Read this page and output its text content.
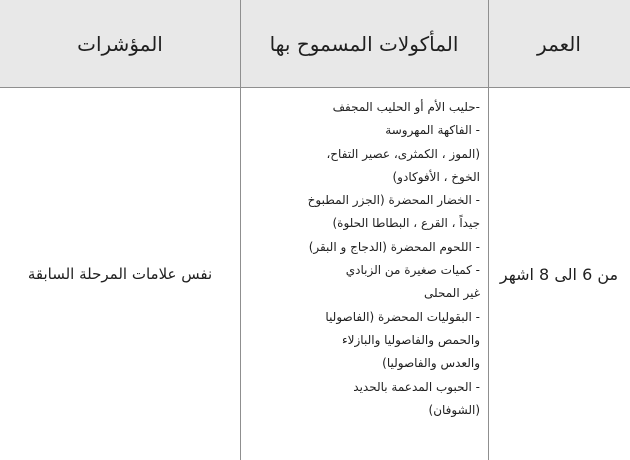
المؤشرات	المأكولات المسموح بها	العمر
نفس علامات المرحلة السابقة
-حليب الأم أو الحليب المجفف
- الفاكهة المهروسة
(الموز ، الكمثرى، عصير التفاح،
الخوخ ، الأفوكادو)
- الخضار المحضرة (الجزر المطبوخ
جيداً ، القرع ، البطاطا الحلوة)
- اللحوم المحضرة (الدجاج و البقر)
- كميات صغيرة من الزبادي
غير المحلى
- البقوليات المحضرة (الفاصوليا
والحمص والفاصوليا والبازلاء
والعدس والفاصوليا)
- الحبوب المدعمة بالحديد
(الشوفان)
من 6 الى 8 اشهر
